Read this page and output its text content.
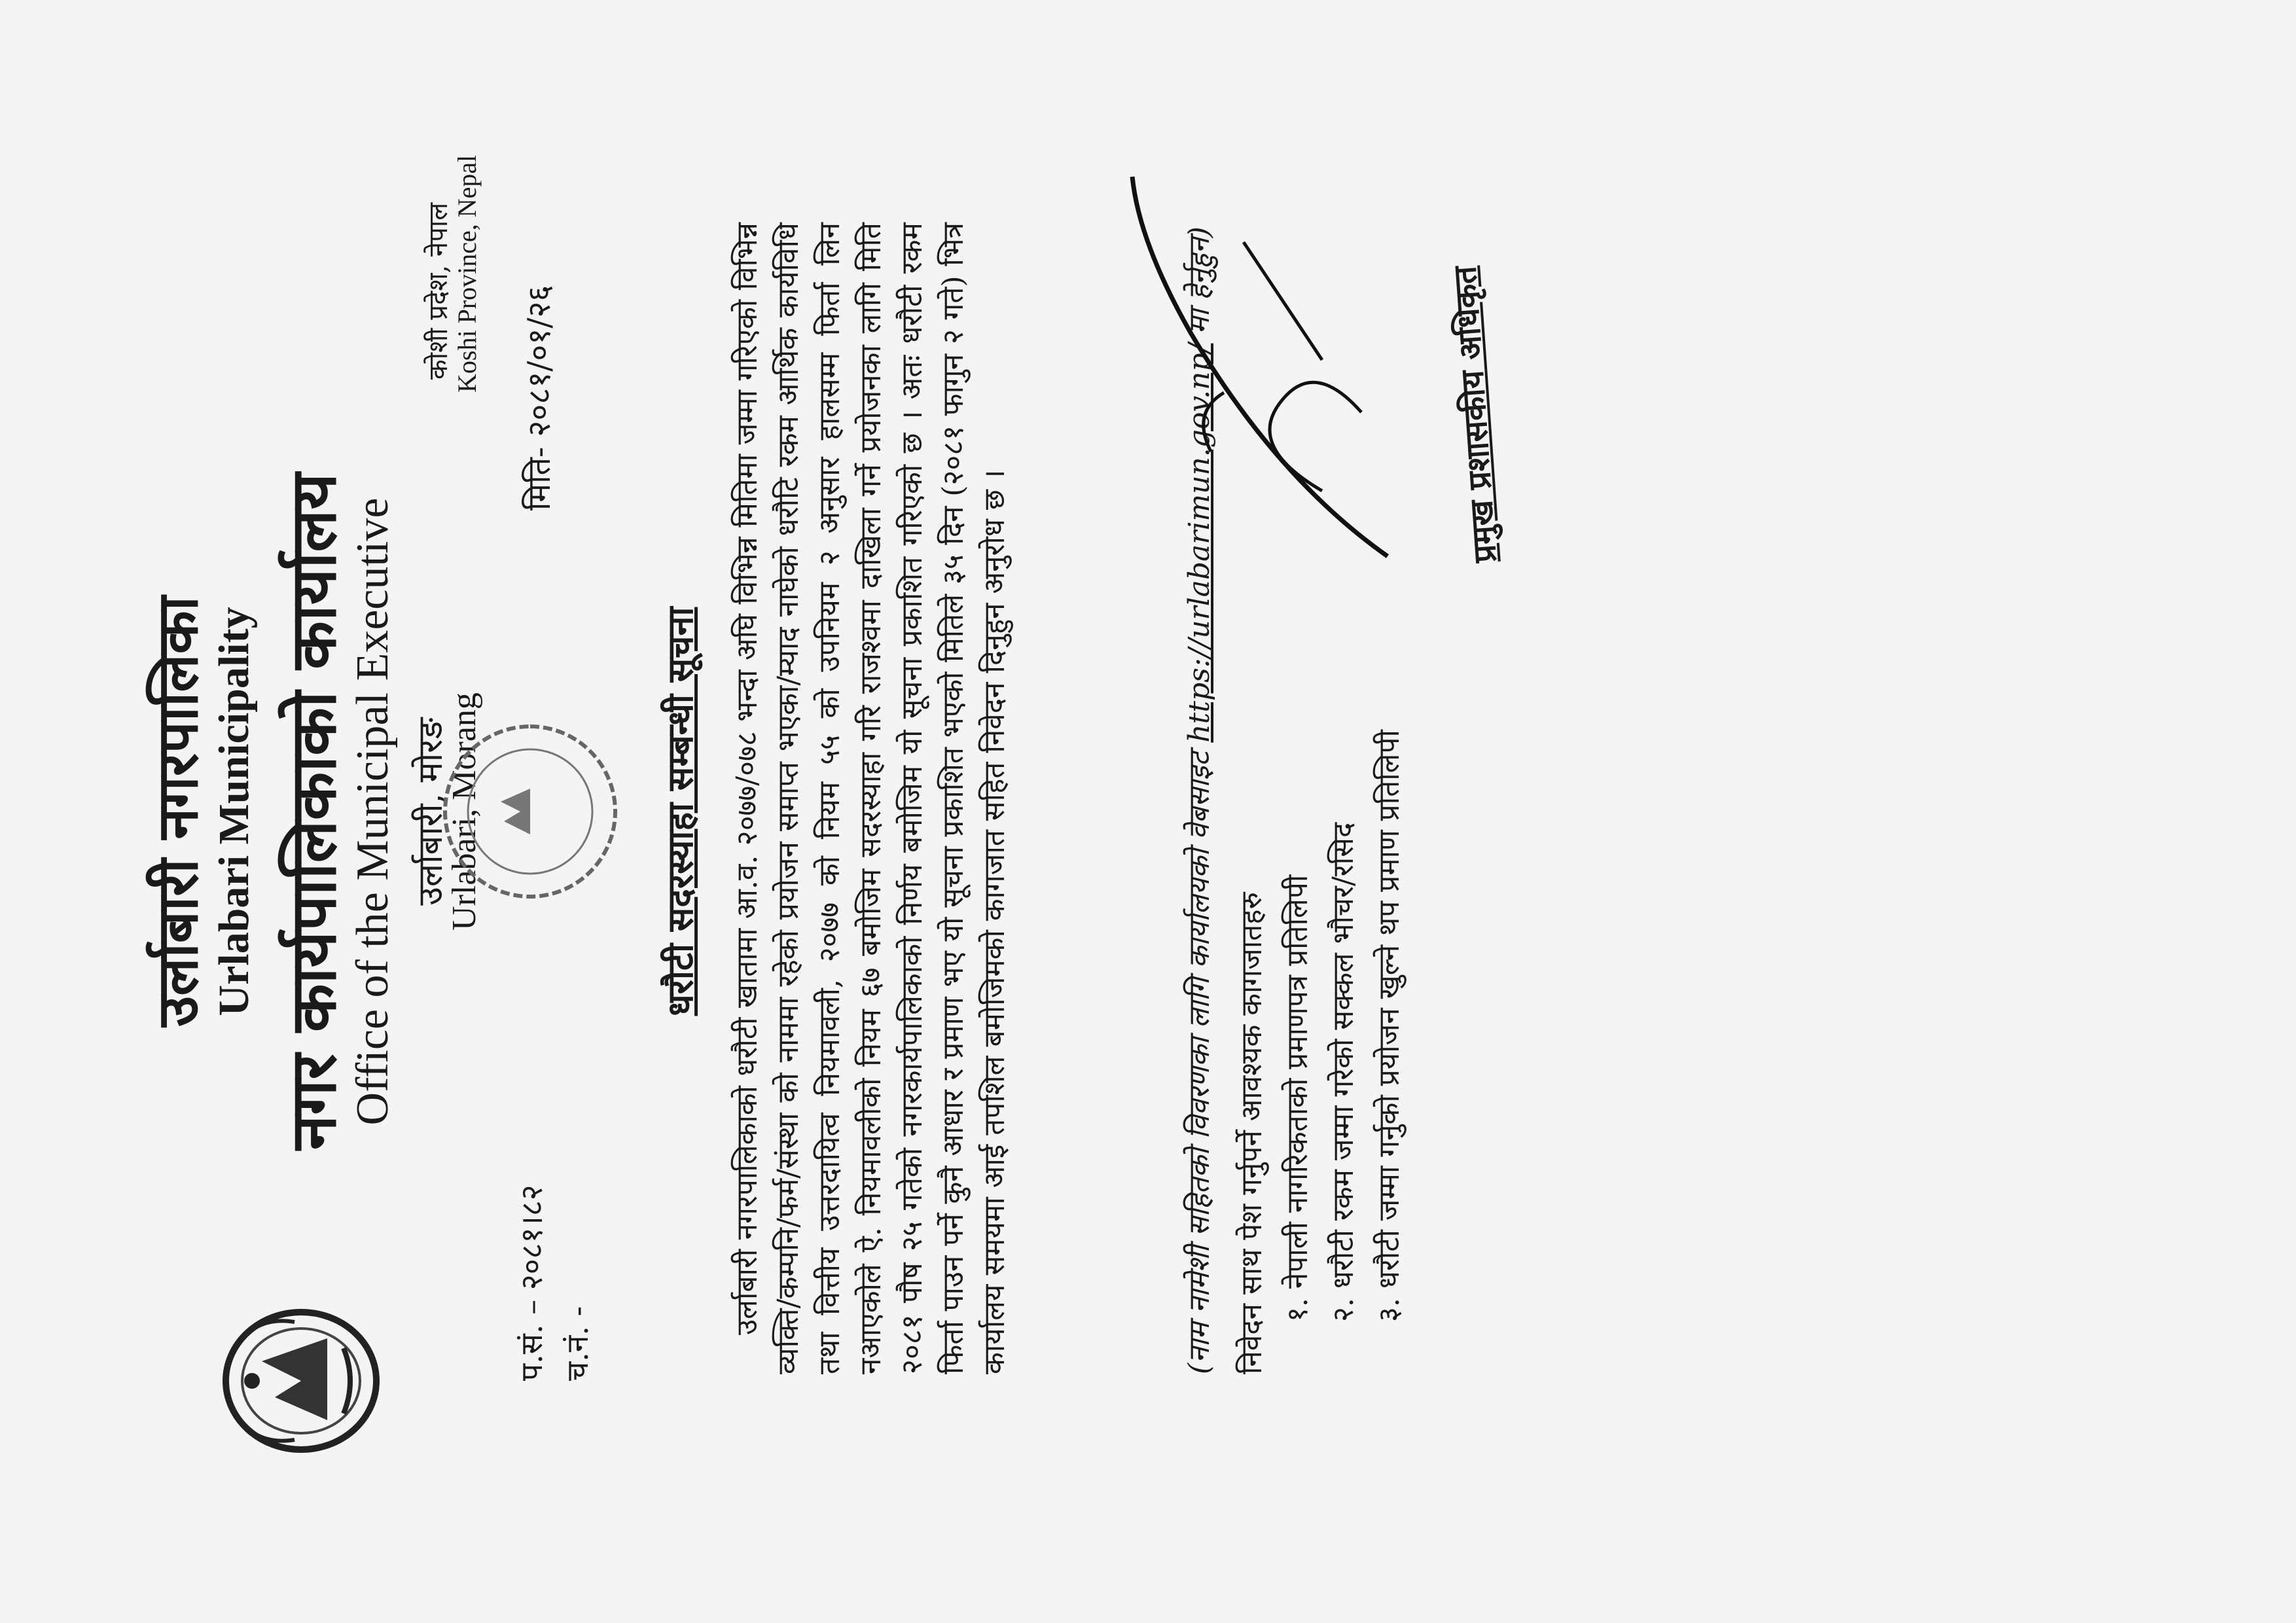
उर्लाबारी नगरपालिका Urlabari Municipality नगर कार्यपालिकाको कार्यालय
Office of the Municipal Executive उर्लाबारी, मोरङ
Urlabari, Morang
कोशी प्रदेश, नेपाल
Koshi Province, Nepal
प.सं. – २०८१।८२ च.नं. -
मिति- २०८१/०१/२६
धरौटी सदरस्याहा सम्बन्धी सूचना उर्लाबारी नगरपालिकाको धरौटी खातामा आ.व. २०७७/०७८ भन्दा अघि विभिन्न मितिमा जम्मा गरिएको विभिन्न व्यक्ति/कम्पनि/फर्म/संस्था को नाममा रहेको प्रयोजन समाप्त भएका/म्याद नाघेको धरौटि रकम आर्थिक कार्यविधि तथा वित्तीय उत्तरदायित्व नियमावली, २०७७ को नियम ५५ को उपनियम २ अनुसार हालसम्म फिर्ता लिन नआएकोले ऐ. नियमावलीको नियम ६७ बमोजिम सदरस्याहा गरि राजश्वमा दाखिला गर्ने प्रयोजनका लागि मिति २०८१ पौष २५ गतेको नगरकार्यपालिकाको निर्णय बमोजिम यो सूचना प्रकाशित गरिएको छ । अतः धरौटी रकम फिर्ता पाउन पर्ने कुनै आधार र प्रमाण भए यो सूचना प्रकाशित भएको मितिले ३५ दिन (२०८१ फागुन २ गते) भित्र कार्यालय समयमा आई तपशिल बमोजिमको कागजात सहित निवेदन दिनुहुन अनुरोध छ ।	(नाम नामेशी सहितको विवरणका लागि कार्यालयको वेबसाइट https://urlabarimun.gov.np/ मा हेर्नुहुन)
निवेदन साथ पेश गर्नुपर्ने आवश्यक कागजातहरु १. नेपाली नागरिकताको प्रमाणपत्र प्रतिलिपी २. धरौटी रकम जम्मा गरेको सक्कल भौचर/रसिद ३. धरौटी जम्मा गर्नुको प्रयोजन खुल्ने थप प्रमाण प्रतिलिपी
प्रमुख प्रशासकीय अधिकृत
